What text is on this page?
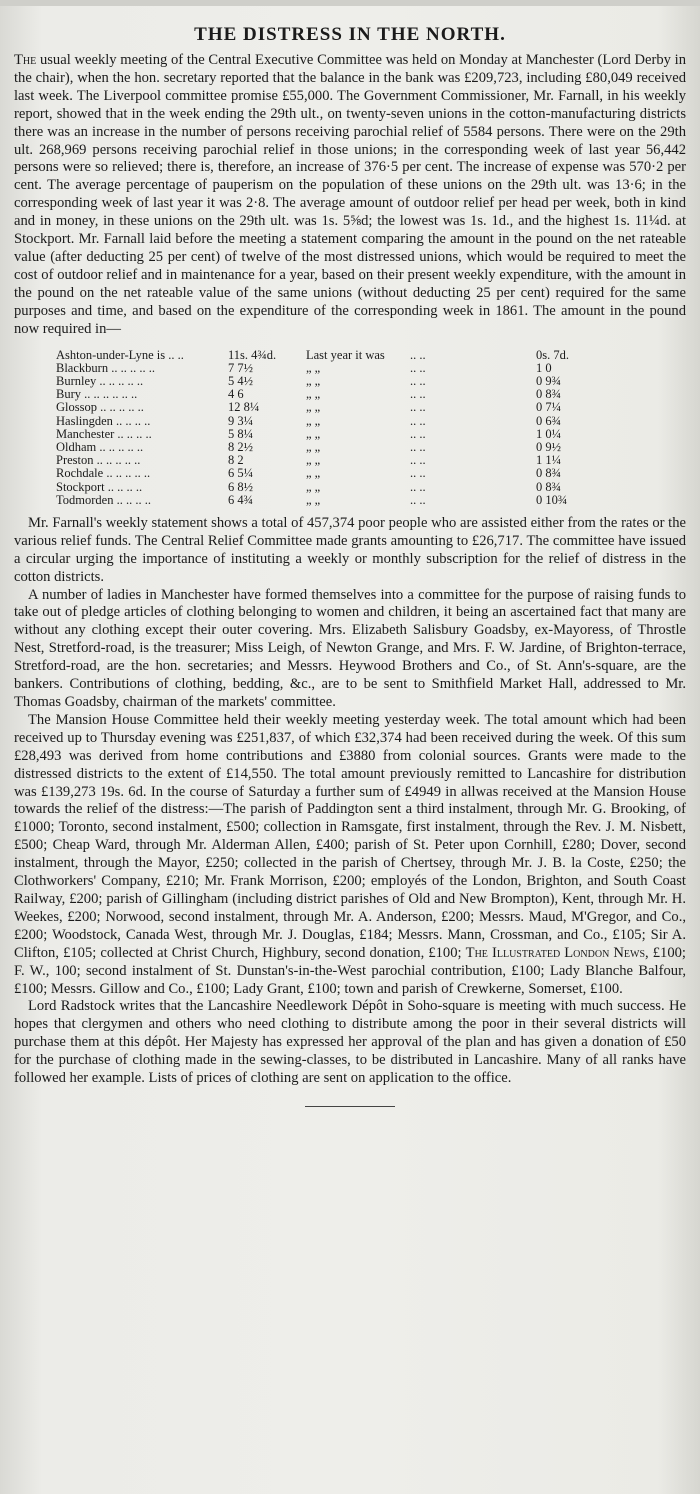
THE DISTRESS IN THE NORTH.

The usual weekly meeting of the Central Executive Committee was held on Monday at Manchester (Lord Derby in the chair), when the hon. secretary reported that the balance in the bank was £209,723, including £80,049 received last week. The Liverpool committee promise £55,000. The Government Commissioner, Mr. Farnall, in his weekly report, showed that in the week ending the 29th ult., on twenty-seven unions in the cotton-manufacturing districts there was an increase in the number of persons receiving parochial relief of 5584 persons. There were on the 29th ult. 268,969 persons receiving parochial relief in those unions; in the corresponding week of last year 56,442 persons were so relieved; there is, therefore, an increase of 376·5 per cent. The increase of expense was 570·2 per cent. The average percentage of pauperism on the population of these unions on the 29th ult. was 13·6; in the corresponding week of last year it was 2·8. The average amount of outdoor relief per head per week, both in kind and in money, in these unions on the 29th ult. was 1s. 5⅝d; the lowest was 1s. 1d., and the highest 1s. 11¼d. at Stockport. Mr. Farnall laid before the meeting a statement comparing the amount in the pound on the net rateable value (after deducting 25 per cent) of twelve of the most distressed unions, which would be required to meet the cost of outdoor relief and in maintenance for a year, based on their present weekly expenditure, with the amount in the pound on the net rateable value of the same unions (without deducting 25 per cent) required for the same purposes and time, and based on the expenditure of the corresponding week in 1861. The amount in the pound now required in—

Ashton-under-Lyne is .. ..	11s. 4¾d.	Last year it was	.. ..	0s. 7d.
Blackburn .. .. .. .. ..	7 7½	„ „	.. ..	1 0
Burnley .. .. .. .. ..	5 4½	„ „	.. ..	0 9¾
Bury .. .. .. .. .. ..	4 6	„ „	.. ..	0 8¾
Glossop .. .. .. .. ..	12 8¼	„ „	.. ..	0 7¼
Haslingden .. .. .. ..	9 3¼	„ „	.. ..	0 6¾
Manchester .. .. .. ..	5 8¼	„ „	.. ..	1 0¼
Oldham .. .. .. .. ..	8 2½	„ „	.. ..	0 9½
Preston .. .. .. .. ..	8 2	„ „	.. ..	1 1¼
Rochdale .. .. .. .. ..	6 5¼	„ „	.. ..	0 8¾
Stockport .. .. .. ..	6 8½	„ „	.. ..	0 8¾
Todmorden .. .. .. ..	6 4¾	„ „	.. ..	0 10¾

Mr. Farnall's weekly statement shows a total of 457,374 poor people who are assisted either from the rates or the various relief funds. The Central Relief Committee made grants amounting to £26,717. The committee have issued a circular urging the importance of instituting a weekly or monthly subscription for the relief of distress in the cotton districts.

A number of ladies in Manchester have formed themselves into a committee for the purpose of raising funds to take out of pledge articles of clothing belonging to women and children, it being an ascertained fact that many are without any clothing except their outer covering. Mrs. Elizabeth Salisbury Goadsby, ex-Mayoress, of Throstle Nest, Stretford-road, is the treasurer; Miss Leigh, of Newton Grange, and Mrs. F. W. Jardine, of Brighton-terrace, Stretford-road, are the hon. secretaries; and Messrs. Heywood Brothers and Co., of St. Ann's-square, are the bankers. Contributions of clothing, bedding, &c., are to be sent to Smithfield Market Hall, addressed to Mr. Thomas Goadsby, chairman of the markets' committee.

The Mansion House Committee held their weekly meeting yesterday week. The total amount which had been received up to Thursday evening was £251,837, of which £32,374 had been received during the week. Of this sum £28,493 was derived from home contributions and £3880 from colonial sources. Grants were made to the distressed districts to the extent of £14,550. The total amount previously remitted to Lancashire for distribution was £139,273 19s. 6d. In the course of Saturday a further sum of £4949 in allwas received at the Mansion House towards the relief of the distress:—The parish of Paddington sent a third instalment, through Mr. G. Brooking, of £1000; Toronto, second instalment, £500; collection in Ramsgate, first instalment, through the Rev. J. M. Nisbett, £500; Cheap Ward, through Mr. Alderman Allen, £400; parish of St. Peter upon Cornhill, £280; Dover, second instalment, through the Mayor, £250; collected in the parish of Chertsey, through Mr. J. B. la Coste, £250; the Clothworkers' Company, £210; Mr. Frank Morrison, £200; employés of the London, Brighton, and South Coast Railway, £200; parish of Gillingham (including district parishes of Old and New Brompton), Kent, through Mr. H. Weekes, £200; Norwood, second instalment, through Mr. A. Anderson, £200; Messrs. Maud, M'Gregor, and Co., £200; Woodstock, Canada West, through Mr. J. Douglas, £184; Messrs. Mann, Crossman, and Co., £105; Sir A. Clifton, £105; collected at Christ Church, Highbury, second donation, £100; The Illustrated London News, £100; F. W., 100; second instalment of St. Dunstan's-in-the-West parochial contribution, £100; Lady Blanche Balfour, £100; Messrs. Gillow and Co., £100; Lady Grant, £100; town and parish of Crewkerne, Somerset, £100.

Lord Radstock writes that the Lancashire Needlework Dépôt in Soho-square is meeting with much success. He hopes that clergymen and others who need clothing to distribute among the poor in their several districts will purchase them at this dépôt. Her Majesty has expressed her approval of the plan and has given a donation of £50 for the purchase of clothing made in the sewing-classes, to be distributed in Lancashire. Many of all ranks have followed her example. Lists of prices of clothing are sent on application to the office.
